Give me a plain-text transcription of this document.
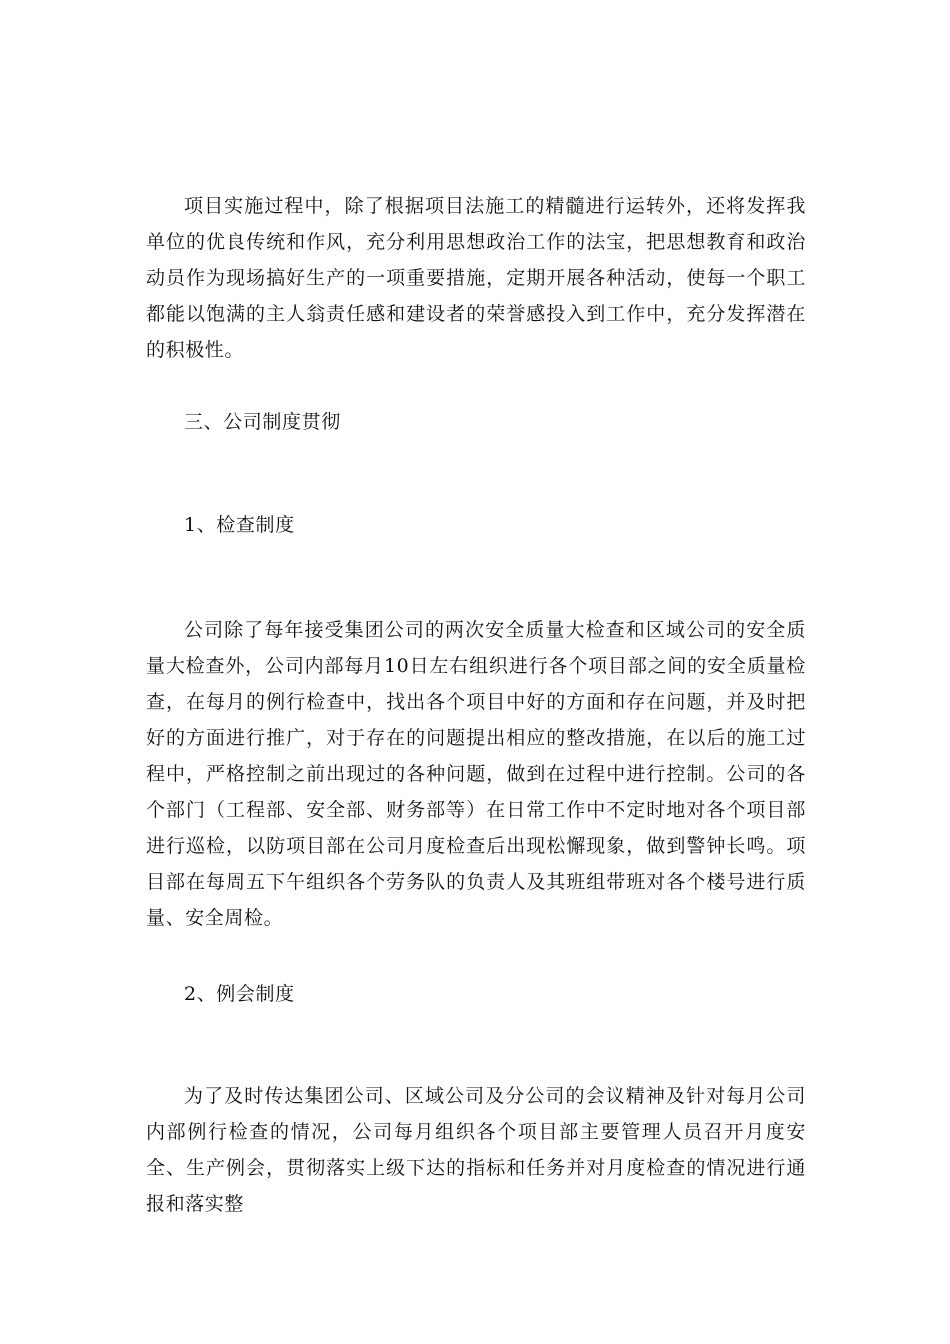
项目实施过程中，除了根据项目法施工的精髓进行运转外，还将发挥我单位的优良传统和作风，充分利用思想政治工作的法宝，把思想教育和政治动员作为现场搞好生产的一项重要措施，定期开展各种活动，使每一个职工都能以饱满的主人翁责任感和建设者的荣誉感投入到工作中，充分发挥潜在的积极性。

三、公司制度贯彻

1、检查制度

公司除了每年接受集团公司的两次安全质量大检查和区域公司的安全质量大检查外，公司内部每月10日左右组织进行各个项目部之间的安全质量检查，在每月的例行检查中，找出各个项目中好的方面和存在问题，并及时把好的方面进行推广，对于存在的问题提出相应的整改措施，在以后的施工过程中，严格控制之前出现过的各种问题，做到在过程中进行控制。公司的各个部门（工程部、安全部、财务部等）在日常工作中不定时地对各个项目部进行巡检，以防项目部在公司月度检查后出现松懈现象，做到警钟长鸣。项目部在每周五下午组织各个劳务队的负责人及其班组带班对各个楼号进行质量、安全周检。

2、例会制度

为了及时传达集团公司、区域公司及分公司的会议精神及针对每月公司内部例行检查的情况，公司每月组织各个项目部主要管理人员召开月度安全、生产例会，贯彻落实上级下达的指标和任务并对月度检查的情况进行通报和落实整
